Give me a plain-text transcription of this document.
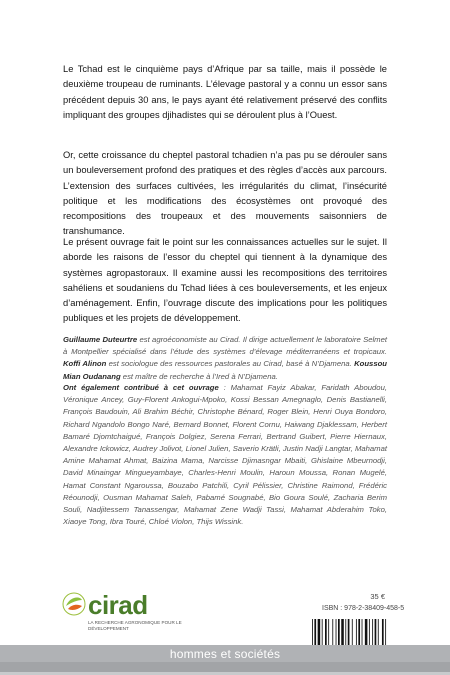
Le Tchad est le cinquième pays d’Afrique par sa taille, mais il possède le deuxième troupeau de ruminants. L’élevage pastoral y a connu un essor sans précédent depuis 30 ans, le pays ayant été relativement préservé des conflits impliquant des groupes djihadistes qui se déroulent plus à l’Ouest.

Or, cette croissance du cheptel pastoral tchadien n’a pas pu se dérouler sans un bouleversement profond des pratiques et des règles d’accès aux parcours. L’extension des surfaces cultivées, les irrégularités du climat, l’insécurité politique et les modifications des écosystèmes ont provoqué des recompositions des troupeaux et des mouvements saisonniers de transhumance.

Le présent ouvrage fait le point sur les connaissances actuelles sur le sujet. Il aborde les raisons de l’essor du cheptel qui tiennent à la dynamique des systèmes agropastoraux. Il examine aussi les recompositions des territoires sahéliens et soudaniens du Tchad liées à ces bouleversements, et les enjeux d’aménagement. Enfin, l’ouvrage discute des implications pour les politiques publiques et les projets de développement.

Guillaume Duteurtre est agroéconomiste au Cirad. Il dirige actuellement le laboratoire Selmet à Montpellier spécialisé dans l’étude des systèmes d’élevage méditerranéens et tropicaux. Koffi Alinon est sociologue des ressources pastorales au Cirad, basé à N’Djamena. Koussou Mian Oudanang est maître de recherche à l’Ired à N’Djamena.

Ont également contribué à cet ouvrage : Mahamat Fayiz Abakar, Faridath Aboudou, Véronique Ancey, Guy-Florent Ankogui-Mpoko, Kossi Bessan Amegnaglo, Denis Bastianelli, François Baudouin, Ali Brahim Béchir, Christophe Bénard, Roger Blein, Henri Ouya Bondoro, Richard Ngandolo Bongo Naré, Bernard Bonnet, Florent Cornu, Haiwang Djaklessam, Herbert Bamaré Djomtchaigué, François Dolgiez, Serena Ferrari, Bertrand Guibert, Pierre Hiernaux, Alexandre Ickowicz, Audrey Jolivot, Lionel Julien, Saverio Krätli, Justin Nadji Langtar, Mahamat Amine Mahamat Ahmat, Baizina Mama, Narcisse Djimasngar Mbaiti, Ghislaine Mbeurnodji, David Minaingar Mingueyambaye, Charles-Henri Moulin, Haroun Moussa, Ronan Mugelé, Hamat Constant Ngaroussa, Bouzabo Patchili, Cyril Pélissier, Christine Raimond, Frédéric Réounodji, Ousman Mahamat Saleh, Pabamé Sougnabé, Bio Goura Soulé, Zacharia Berim Souli, Nadjitessem Tanassengar, Mahamat Zene Wadji Tassi, Mahamat Abderahim Toko, Xiaoye Tong, Ibra Touré, Chloé Violon, Thijs Wissink.

cirad
LA RECHERCHE AGRONOMIQUE POUR LE DÉVELOPPEMENT
35 €
ISBN : 978-2-38409-458-5
hommes et sociétés
